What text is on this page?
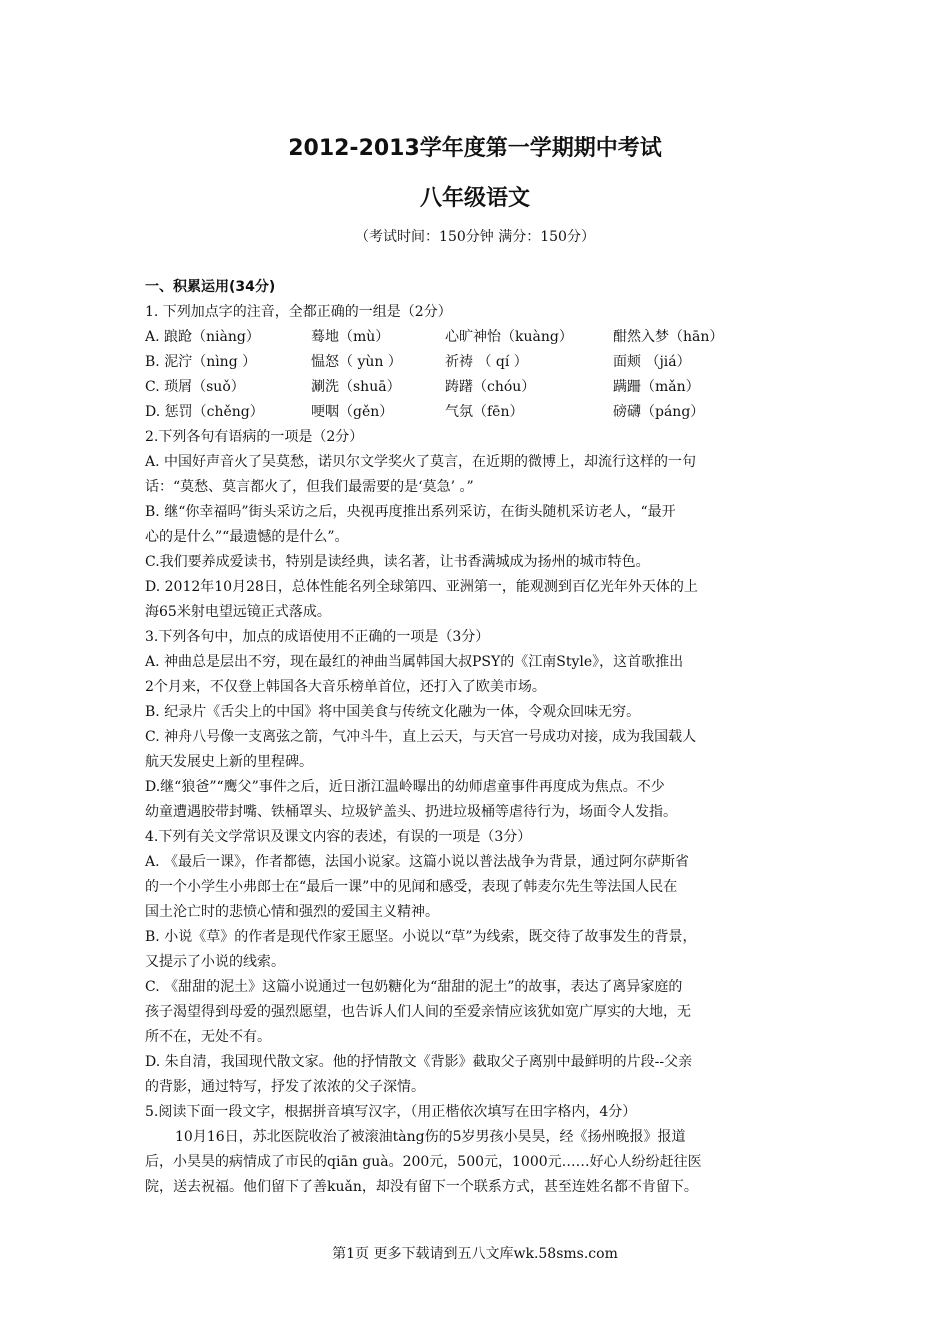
2012-2013学年度第一学期期中考试
八年级语文
（考试时间：150分钟 满分：150分）
一、积累运用(34分)
1. 下列加点字的注音，全都正确的一组是（2分）
A. 踉跄（niàng）	蓦地（mù）	心旷神怡（kuàng）	酣然入梦（hān）
B. 泥泞（nìng ）	愠怒（ yùn ）	祈祷 （ qí ）	面颊 （jiá）
C. 琐屑（suǒ）	涮洗（shuā）	踌躇（chóu）	蹒跚（mǎn）
D. 惩罚（chěng）	哽咽（gěn）	气氛（fēn）	磅礴（páng）
2.下列各句有语病的一项是（2分）
A. 中国好声音火了吴莫愁，诺贝尔文学奖火了莫言，在近期的微博上，却流行这样的一句
话：“莫愁、莫言都火了，但我们最需要的是‘莫急’ 。”
B. 继“你幸福吗”街头采访之后，央视再度推出系列采访，在街头随机采访老人，“最开
心的是什么”“最遗憾的是什么”。
C.我们要养成爱读书，特别是读经典，读名著，让书香满城成为扬州的城市特色。
D. 2012年10月28日，总体性能名列全球第四、亚洲第一，能观测到百亿光年外天体的上
海65米射电望远镜正式落成。
3.下列各句中，加点的成语使用不正确的一项是（3分）
A. 神曲总是层出不穷，现在最红的神曲当属韩国大叔PSY的《江南Style》，这首歌推出
2个月来，不仅登上韩国各大音乐榜单首位，还打入了欧美市场。
B. 纪录片《舌尖上的中国》将中国美食与传统文化融为一体，令观众回味无穷。
C. 神舟八号像一支离弦之箭，气冲斗牛，直上云天，与天宫一号成功对接，成为我国载人
航天发展史上新的里程碑。
D.继“狼爸”“鹰父”事件之后，近日浙江温岭曝出的幼师虐童事件再度成为焦点。不少
幼童遭遇胶带封嘴、铁桶罩头、垃圾铲盖头、扔进垃圾桶等虐待行为，场面令人发指。
4.下列有关文学常识及课文内容的表述，有误的一项是（3分）
A. 《最后一课》，作者都德，法国小说家。这篇小说以普法战争为背景，通过阿尔萨斯省
的一个小学生小弗郎士在“最后一课”中的见闻和感受，表现了韩麦尔先生等法国人民在
国土沦亡时的悲愤心情和强烈的爱国主义精神。
B. 小说《草》的作者是现代作家王愿坚。小说以“草”为线索，既交待了故事发生的背景，
又提示了小说的线索。
C. 《甜甜的泥土》这篇小说通过一包奶糖化为“甜甜的泥土”的故事，表达了离异家庭的
孩子渴望得到母爱的强烈愿望，也告诉人们人间的至爱亲情应该犹如宽广厚实的大地，无
所不在，无处不有。
D. 朱自清，我国现代散文家。他的抒情散文《背影》截取父子离别中最鲜明的片段--父亲
的背影，通过特写，抒发了浓浓的父子深情。
5.阅读下面一段文字，根据拼音填写汉字，（用正楷依次填写在田字格内，4分）
10月16日，苏北医院收治了被滚油tàng伤的5岁男孩小昊昊，经《扬州晚报》报道
后，小昊昊的病情成了市民的qiān guà。200元，500元，1000元……好心人纷纷赶往医
院，送去祝福。他们留下了善kuǎn，却没有留下一个联系方式，甚至连姓名都不肯留下。
第1页 更多下载请到五八文库wk.58sms.com
